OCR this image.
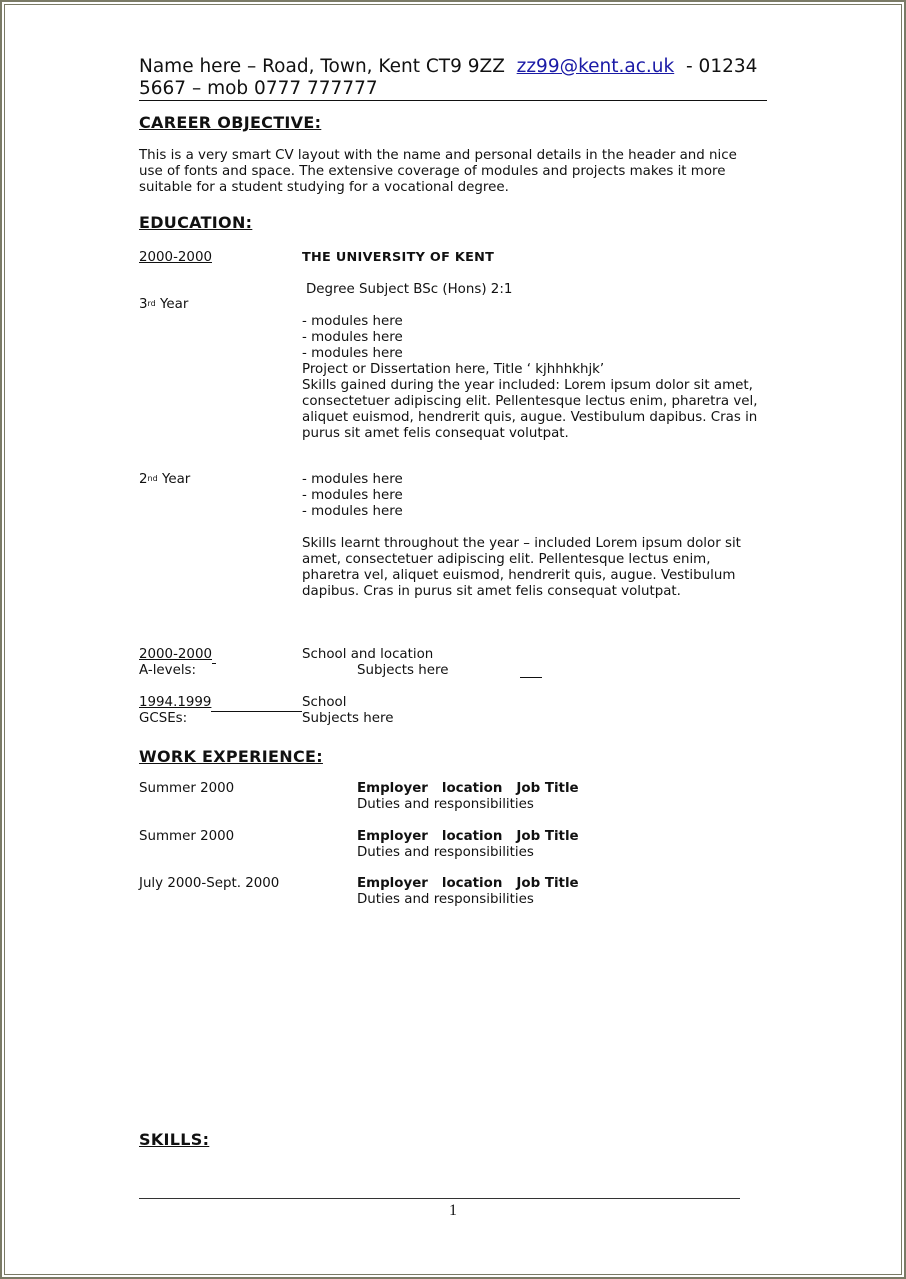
Name here – Road, Town, Kent CT9 9ZZ zz99@kent.ac.uk - 01234
5667 – mob 0777 777777
CAREER OBJECTIVE:
This is a very smart CV layout with the name and personal details in the header and nice
use of fonts and space. The extensive coverage of modules and projects makes it more
suitable for a student studying for a vocational degree.
EDUCATION:
2000-2000	THE UNIVERSITY OF KENT
Degree Subject BSc (Hons) 2:1
3rd Year
- modules here
- modules here
- modules here
Project or Dissertation here, Title ‘ kjhhhkhjk’
Skills gained during the year included: Lorem ipsum dolor sit amet,
consectetuer adipiscing elit. Pellentesque lectus enim, pharetra vel,
aliquet euismod, hendrerit quis, augue. Vestibulum dapibus. Cras in
purus sit amet felis consequat volutpat.
2nd Year	- modules here
- modules here
- modules here
Skills learnt throughout the year – included Lorem ipsum dolor sit
amet, consectetuer adipiscing elit. Pellentesque lectus enim,
pharetra vel, aliquet euismod, hendrerit quis, augue. Vestibulum
dapibus. Cras in purus sit amet felis consequat volutpat.
2000-2000	School and location
A-levels:	Subjects here
1994.1999	School
GCSEs:	Subjects here
WORK EXPERIENCE:
Summer 2000	Employer location Job Title
Duties and responsibilities
Summer 2000	Employer location Job Title
Duties and responsibilities
July 2000-Sept. 2000	Employer location Job Title
Duties and responsibilities
SKILLS:
1
